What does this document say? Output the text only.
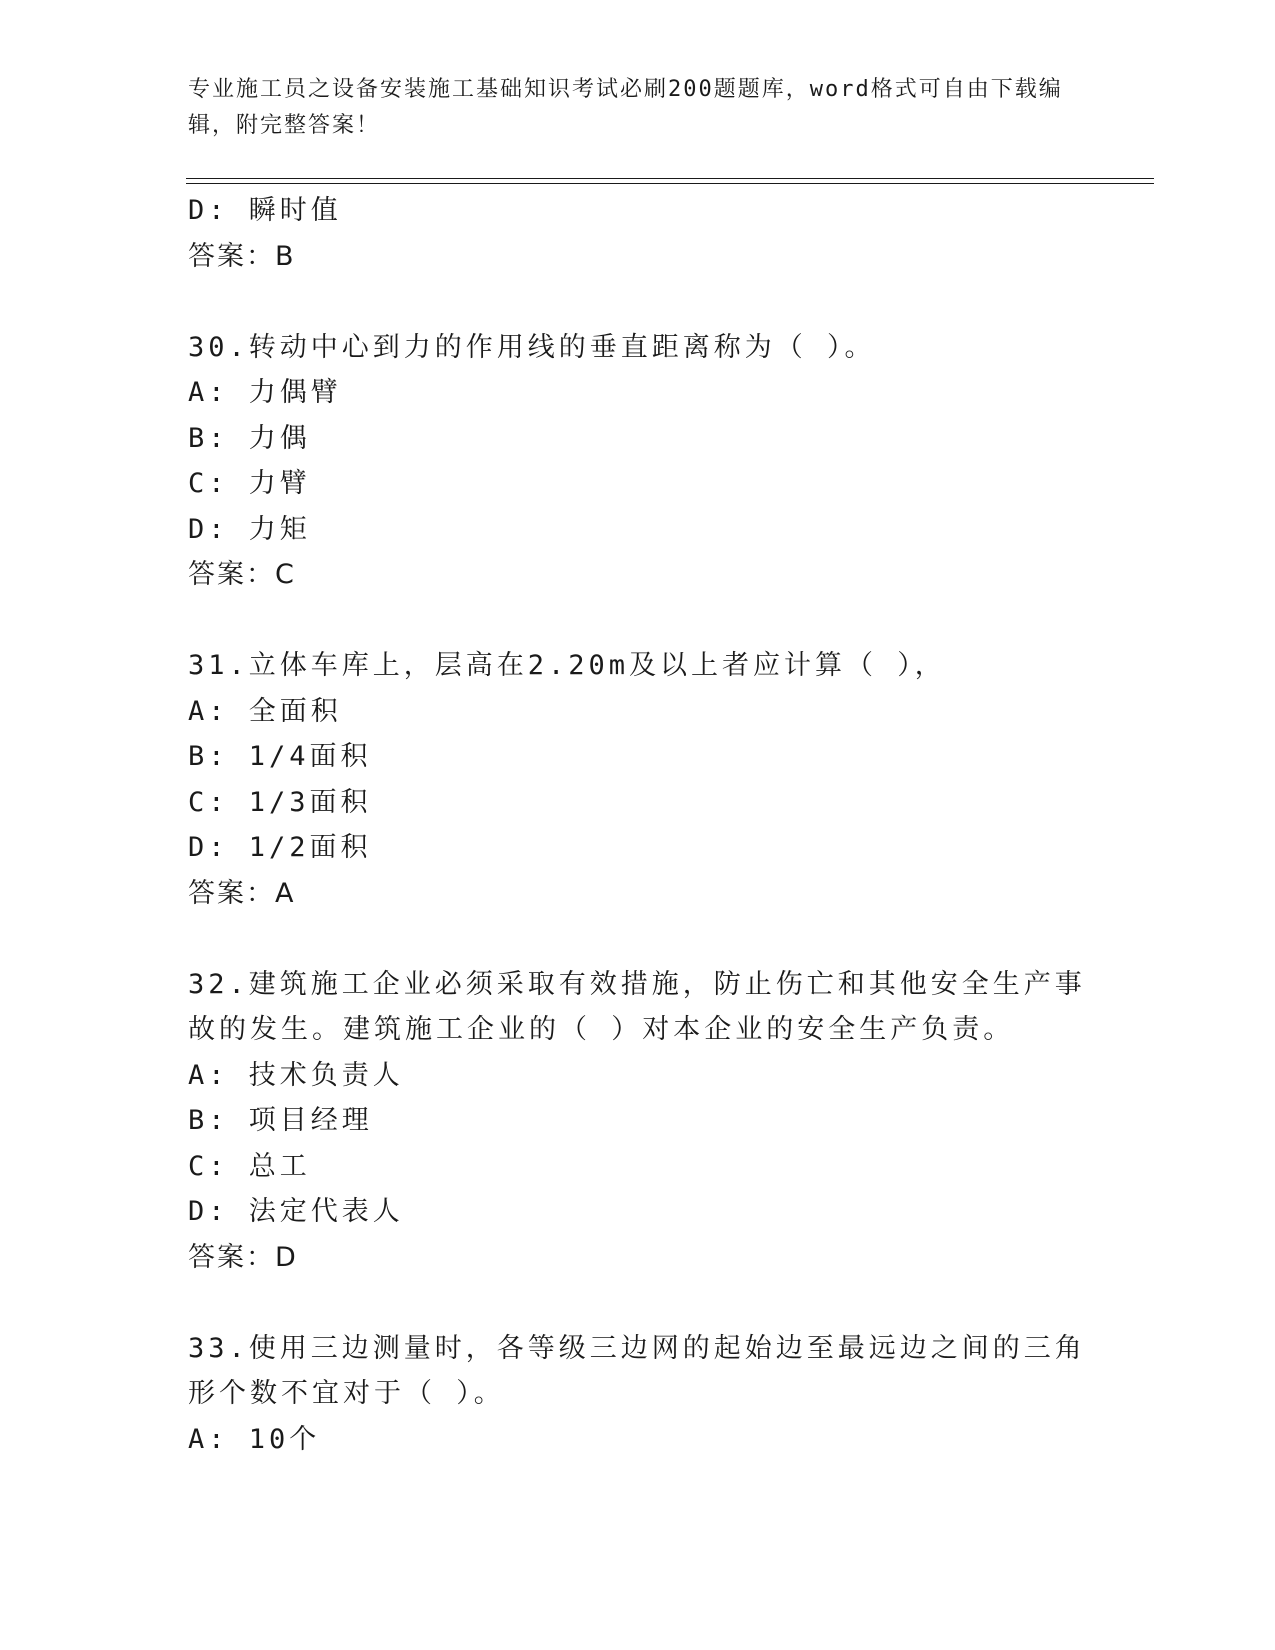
专业施工员之设备安装施工基础知识考试必刷200题题库，word格式可自由下载编辑，附完整答案！
D: 瞬时值
答案：B
30.转动中心到力的作用线的垂直距离称为（ ）。
A: 力偶臂
B: 力偶
C: 力臂
D: 力矩
答案：C
31.立体车库上，层高在2.20m及以上者应计算（ ），
A: 全面积
B: 1/4面积
C: 1/3面积
D: 1/2面积
答案：A
32.建筑施工企业必须采取有效措施，防止伤亡和其他安全生产事故的发生。建筑施工企业的（ ）对本企业的安全生产负责。
A: 技术负责人
B: 项目经理
C: 总工
D: 法定代表人
答案：D
33.使用三边测量时，各等级三边网的起始边至最远边之间的三角形个数不宜对于（ ）。
A: 10个
